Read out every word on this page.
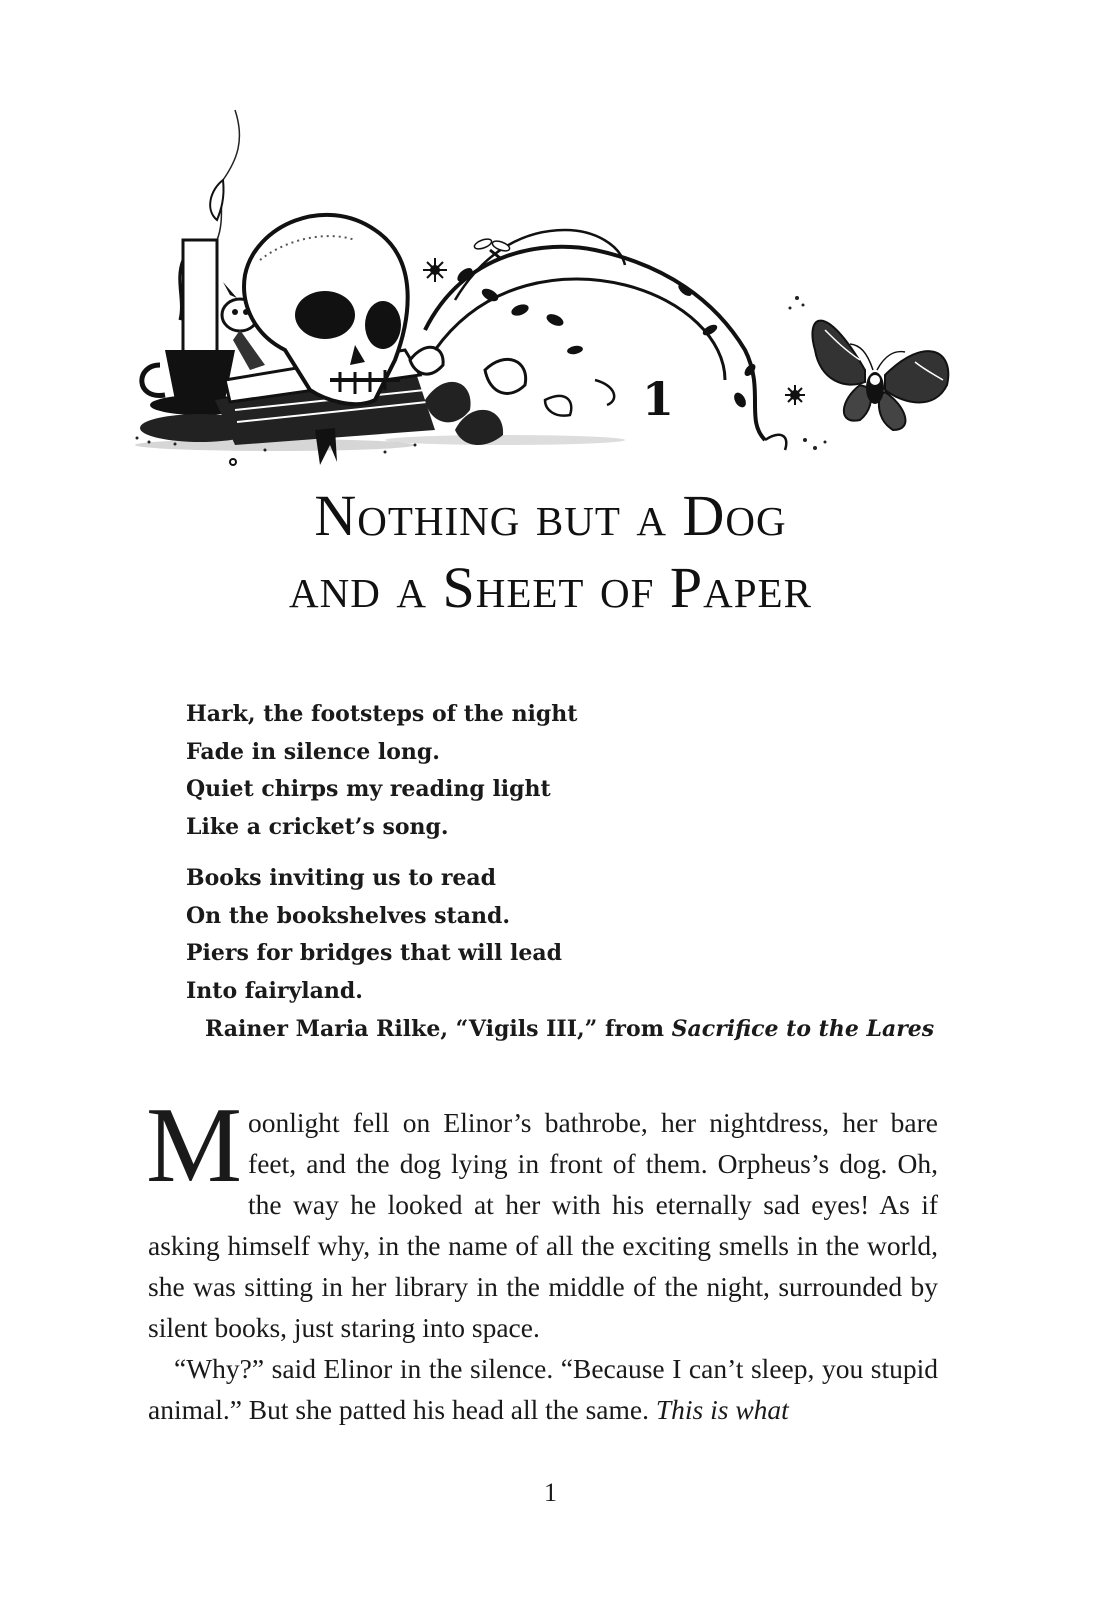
1
Nothing but a Dog
and a Sheet of Paper
Hark, the footsteps of the night
Fade in silence long.
Quiet chirps my reading light
Like a cricket’s song.
Books inviting us to read
On the bookshelves stand.
Piers for bridges that will lead
Into fairyland.
Rainer Maria Rilke, “Vigils III,” from Sacrifice to the Lares

Moonlight fell on Elinor’s bathrobe, her nightdress, her bare feet, and the dog lying in front of them. Orpheus’s dog. Oh, the way he looked at her with his eternally sad eyes! As if asking himself why, in the name of all the exciting smells in the world, she was sitting in her library in the middle of the night, surrounded by silent books, just staring into space.

“Why?” said Elinor in the silence. “Because I can’t sleep, you stupid animal.” But she patted his head all the same. This is what

1
